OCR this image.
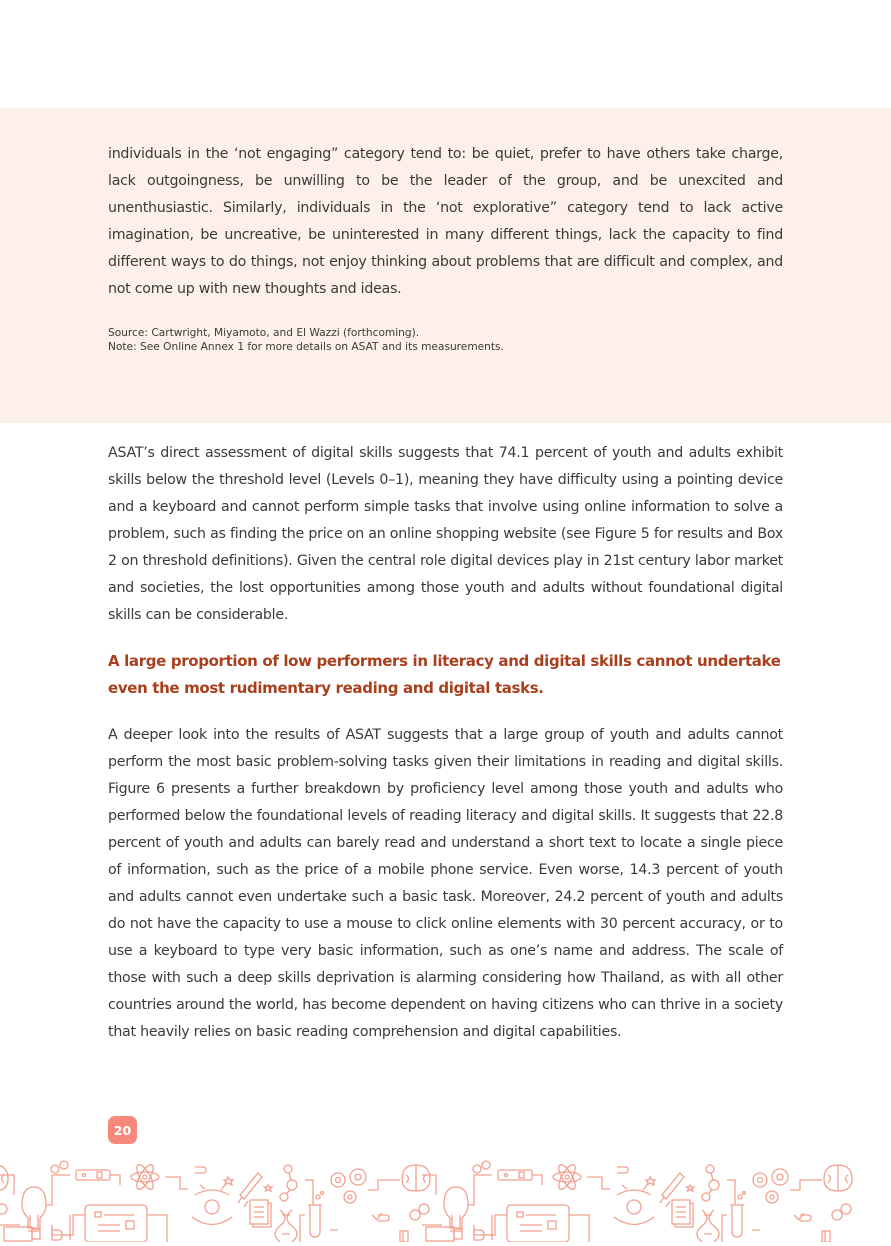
individuals in the ‘not engaging” category tend to: be quiet, prefer to have others take charge, lack outgoingness, be unwilling to be the leader of the group, and be unexcited and unenthusiastic. Similarly, individuals in the ‘not explorative” category tend to lack active imagination, be uncreative, be uninterested in many different things, lack the capacity to find different ways to do things, not enjoy thinking about problems that are difficult and complex, and not come up with new thoughts and ideas.
Source: Cartwright, Miyamoto, and El Wazzi (forthcoming).
Note: See Online Annex 1 for more details on ASAT and its measurements.
ASAT’s direct assessment of digital skills suggests that 74.1 percent of youth and adults exhibit skills below the threshold level (Levels 0–1), meaning they have difficulty using a pointing device and a keyboard and cannot perform simple tasks that involve using online information to solve a problem, such as finding the price on an online shopping website (see Figure 5 for results and Box 2 on threshold definitions). Given the central role digital devices play in 21st century labor market and societies, the lost opportunities among those youth and adults without foundational digital skills can be considerable.
A large proportion of low performers in literacy and digital skills cannot undertake even the most rudimentary reading and digital tasks.
A deeper look into the results of ASAT suggests that a large group of youth and adults cannot perform the most basic problem-solving tasks given their limitations in reading and digital skills. Figure 6 presents a further breakdown by proficiency level among those youth and adults who performed below the foundational levels of reading literacy and digital skills. It suggests that 22.8 percent of youth and adults can barely read and understand a short text to locate a single piece of information, such as the price of a mobile phone service. Even worse, 14.3 percent of youth and adults cannot even undertake such a basic task. Moreover, 24.2 percent of youth and adults do not have the capacity to use a mouse to click online elements with 30 percent accuracy, or to use a keyboard to type very basic information, such as one’s name and address. The scale of those with such a deep skills deprivation is alarming considering how Thailand, as with all other countries around the world, has become dependent on having citizens who can thrive in a society that heavily relies on basic reading comprehension and digital capabilities.
20
